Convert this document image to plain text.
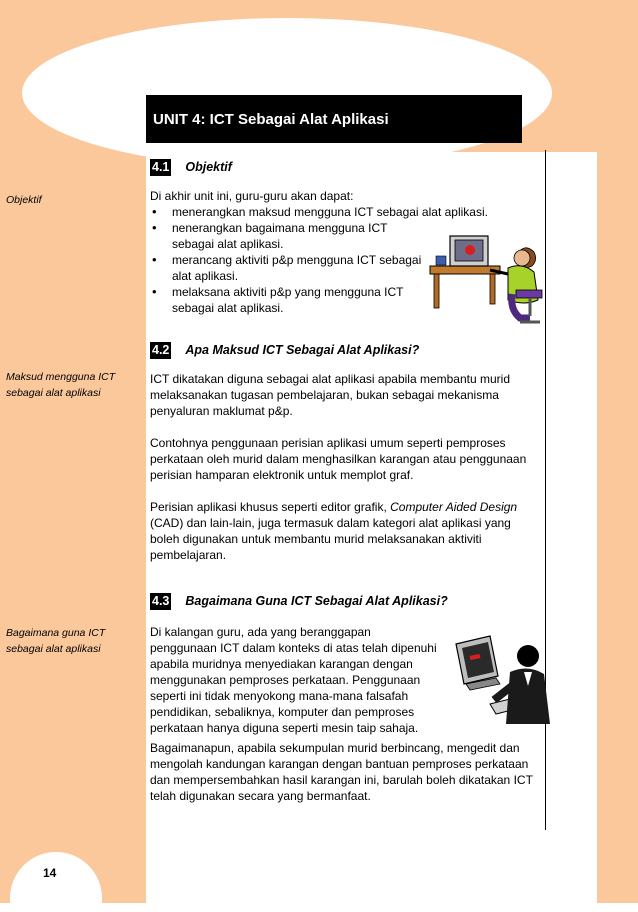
UNIT 4: ICT Sebagai Alat Aplikasi
Objektif
Maksud mengguna ICT sebagai alat aplikasi
Bagaimana guna ICT sebagai alat aplikasi
4.1 Objektif

Di akhir unit ini, guru-guru akan dapat:

• menerangkan maksud mengguna ICT sebagai alat aplikasi.
• nenerangkan bagaimana mengguna ICT sebagai alat aplikasi.
• merancang aktiviti p&p mengguna ICT sebagai alat aplikasi.
• melaksana aktiviti p&p yang mengguna ICT sebagai alat aplikasi.
4.2 Apa Maksud ICT Sebagai Alat Aplikasi?

ICT dikatakan diguna sebagai alat aplikasi apabila membantu murid melaksanakan tugasan pembelajaran, bukan sebagai mekanisma penyaluran maklumat p&p.

Contohnya penggunaan perisian aplikasi umum seperti pemproses perkataan oleh murid dalam menghasilkan karangan atau penggunaan perisian hamparan elektronik untuk memplot graf.

Perisian aplikasi khusus seperti editor grafik, Computer Aided Design (CAD) dan lain-lain, juga termasuk dalam kategori alat aplikasi yang boleh digunakan untuk membantu murid melaksanakan aktiviti pembelajaran.

4.3 Bagaimana Guna ICT Sebagai Alat Aplikasi?
Di kalangan guru, ada yang beranggapan penggunaan ICT dalam konteks di atas telah dipenuhi apabila muridnya menyediakan karangan dengan menggunakan pemproses perkataan. Penggunaan seperti ini tidak menyokong mana-mana falsafah pendidikan, sebaliknya, komputer dan pemproses perkataan hanya diguna seperti mesin taip sahaja.
Bagaimanapun, apabila sekumpulan murid berbincang, mengedit dan mengolah kandungan karangan dengan bantuan pemproses perkataan dan mempersembahkan hasil karangan ini, barulah boleh dikatakan ICT telah digunakan secara yang bermanfaat.
14
